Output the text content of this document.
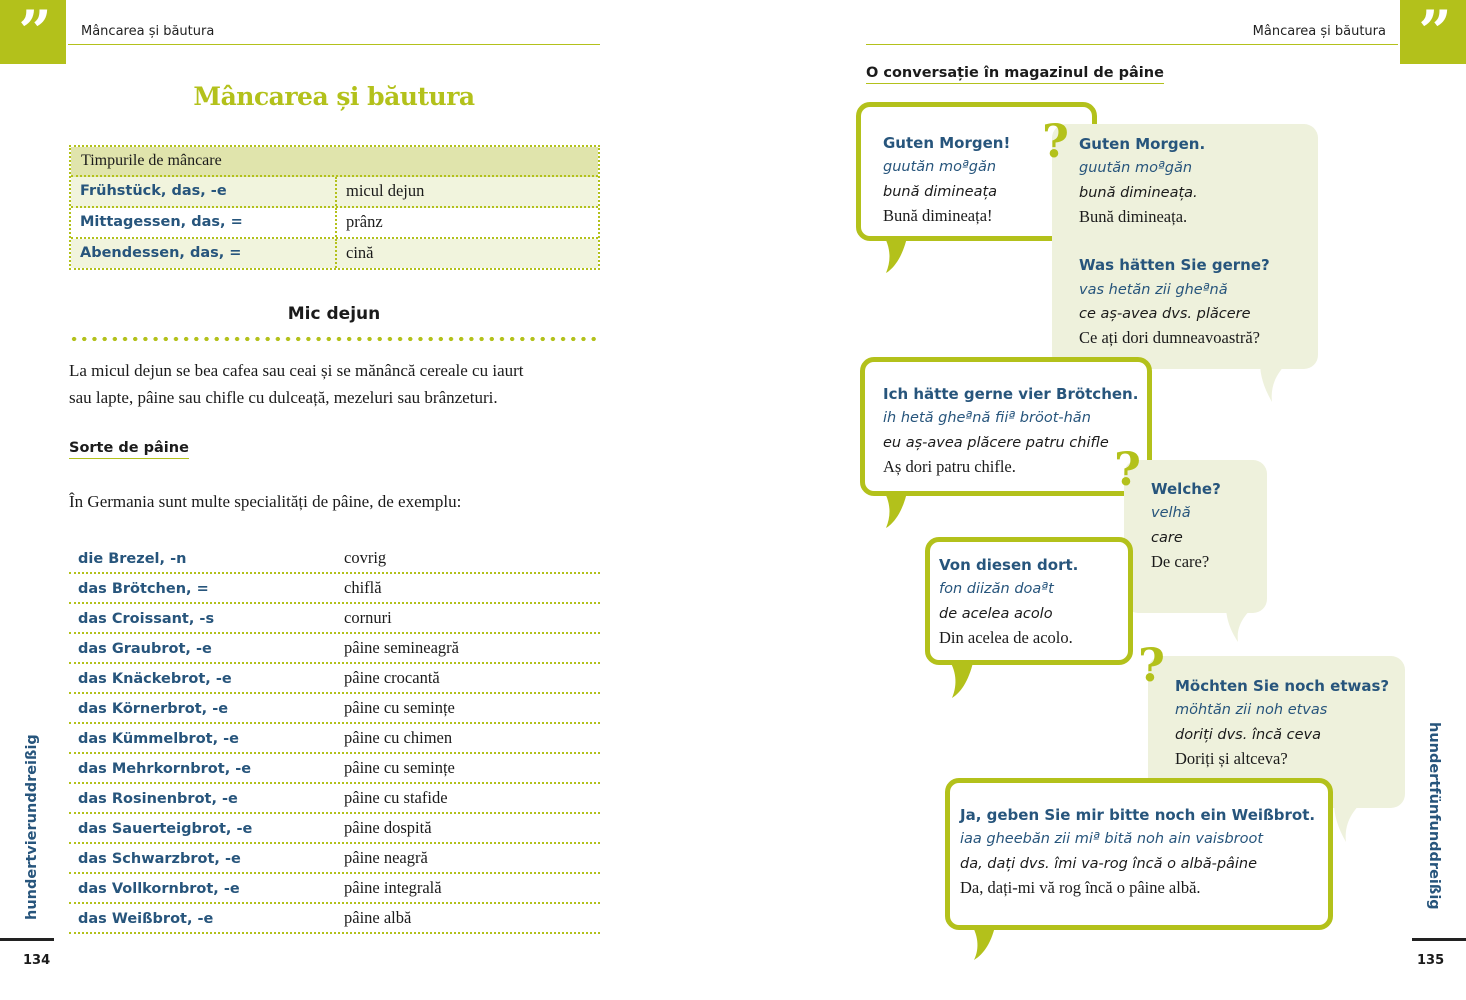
”	Mâncarea și băutura
Mâncarea și băutura
Timpurile de mâncare
Frühstück, das, -e	micul dejun
Mittagessen, das, =	prânz
Abendessen, das, =	cină
Mic dejun
La micul dejun se bea cafea sau ceai și se mănâncă cereale cu iaurt
sau lapte, pâine sau chifle cu dulceață, mezeluri sau brânzeturi.
Sorte de pâine
În Germania sunt multe specialități de pâine, de exemplu:
die Brezel, -n	covrig
das Brötchen, =	chiflă
das Croissant, -s	cornuri
das Graubrot, -e	pâine semineagră
das Knäckebrot, -e	pâine crocantă
das Körnerbrot, -e	pâine cu semințe
das Kümmelbrot, -e	pâine cu chimen
das Mehrkornbrot, -e	pâine cu semințe
das Rosinenbrot, -e	pâine cu stafide
das Sauerteigbrot, -e	pâine dospită
das Schwarzbrot, -e	pâine neagră
das Vollkornbrot, -e	pâine integrală
das Weißbrot, -e	pâine albă
hundertvierunddreißig
134
”
Mâncarea și băutura
O conversație în magazinul de pâine
Guten Morgen!
guutăn moªgăn
bună dimineața
Bună dimineața!
Guten Morgen.
guutăn moªgăn
bună dimineața.
Bună dimineața.
Was hätten Sie gerne?
vas hetăn zii gheªnă
ce aș-avea dvs. plăcere
Ce ați dori dumneavoastră?
?
Ich hätte gerne vier Brötchen.
ih hetă gheªnă fiiª bröot-hăn
eu aș-avea plăcere patru chifle
Aș dori patru chifle.
Welche?
velhă
care
De care?
?
Von diesen dort.
fon diizăn doaªt
de acelea acolo
Din acelea de acolo.
Möchten Sie noch etwas?
möhtăn zii noh etvas
doriți dvs. încă ceva
Doriți și altceva?
?
Ja, geben Sie mir bitte noch ein Weißbrot.
iaa gheebăn zii miª bită noh ain vaisbroot
da, dați dvs. îmi va-rog încă o albă-pâine
Da, dați-mi vă rog încă o pâine albă.	hundertfünfunddreißig
135
